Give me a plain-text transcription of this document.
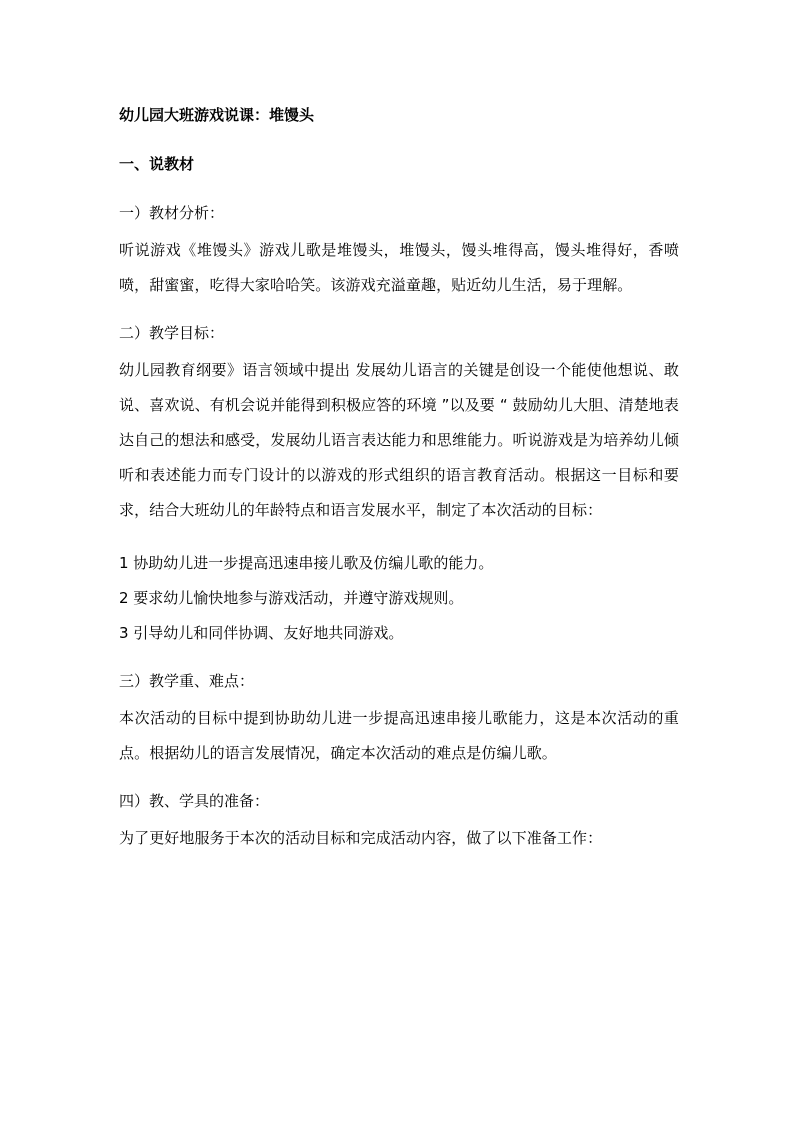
幼儿园大班游戏说课：堆馒头

一、说教材

一）教材分析：

听说游戏《堆馒头》游戏儿歌是堆馒头，堆馒头，馒头堆得高，馒头堆得好，香喷喷，甜蜜蜜，吃得大家哈哈笑。该游戏充溢童趣，贴近幼儿生活，易于理解。

二）教学目标：

幼儿园教育纲要》语言领域中提出 发展幼儿语言的关键是创设一个能使他想说、敢说、喜欢说、有机会说并能得到积极应答的环境 ”以及要 “ 鼓励幼儿大胆、清楚地表达自己的想法和感受，发展幼儿语言表达能力和思维能力。听说游戏是为培养幼儿倾听和表述能力而专门设计的以游戏的形式组织的语言教育活动。根据这一目标和要求，结合大班幼儿的年龄特点和语言发展水平，制定了本次活动的目标：

1 协助幼儿进一步提高迅速串接儿歌及仿编儿歌的能力。

2 要求幼儿愉快地参与游戏活动，并遵守游戏规则。

3 引导幼儿和同伴协调、友好地共同游戏。

三）教学重、难点：

本次活动的目标中提到协助幼儿进一步提高迅速串接儿歌能力，这是本次活动的重点。根据幼儿的语言发展情况，确定本次活动的难点是仿编儿歌。

四）教、学具的准备：

为了更好地服务于本次的活动目标和完成活动内容，做了以下准备工作：
